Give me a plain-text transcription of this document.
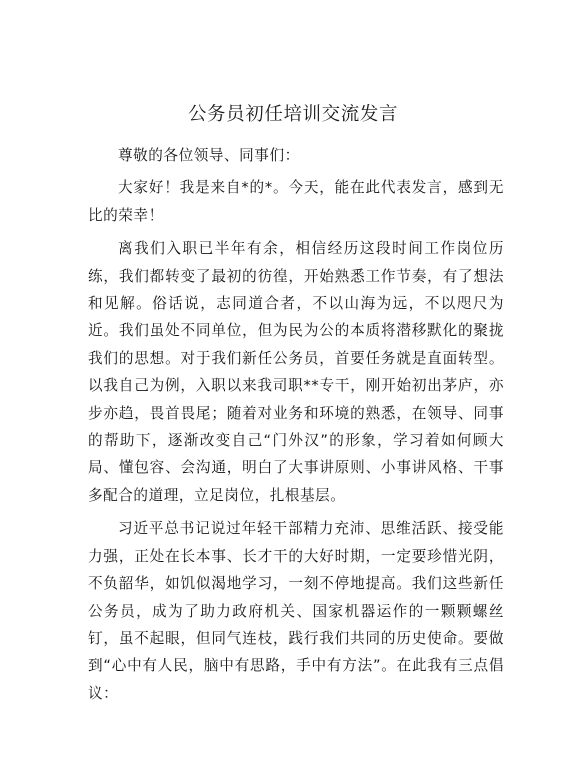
公务员初任培训交流发言

尊敬的各位领导、同事们：

大家好！我是来自*的*。今天，能在此代表发言，感到无比的荣幸！

离我们入职已半年有余，相信经历这段时间工作岗位历练，我们都转变了最初的彷徨，开始熟悉工作节奏，有了想法和见解。俗话说，志同道合者，不以山海为远，不以咫尺为近。我们虽处不同单位，但为民为公的本质将潜移默化的聚拢我们的思想。对于我们新任公务员，首要任务就是直面转型。以我自己为例，入职以来我司职**专干，刚开始初出茅庐，亦步亦趋，畏首畏尾；随着对业务和环境的熟悉，在领导、同事的帮助下，逐渐改变自己“门外汉”的形象，学习着如何顾大局、懂包容、会沟通，明白了大事讲原则、小事讲风格、干事多配合的道理，立足岗位，扎根基层。

习近平总书记说过年轻干部精力充沛、思维活跃、接受能力强，正处在长本事、长才干的大好时期，一定要珍惜光阴，不负韶华，如饥似渴地学习，一刻不停地提高。我们这些新任公务员，成为了助力政府机关、国家机器运作的一颗颗螺丝钉，虽不起眼，但同气连枝，践行我们共同的历史使命。要做到“心中有人民，脑中有思路，手中有方法”。在此我有三点倡议：
